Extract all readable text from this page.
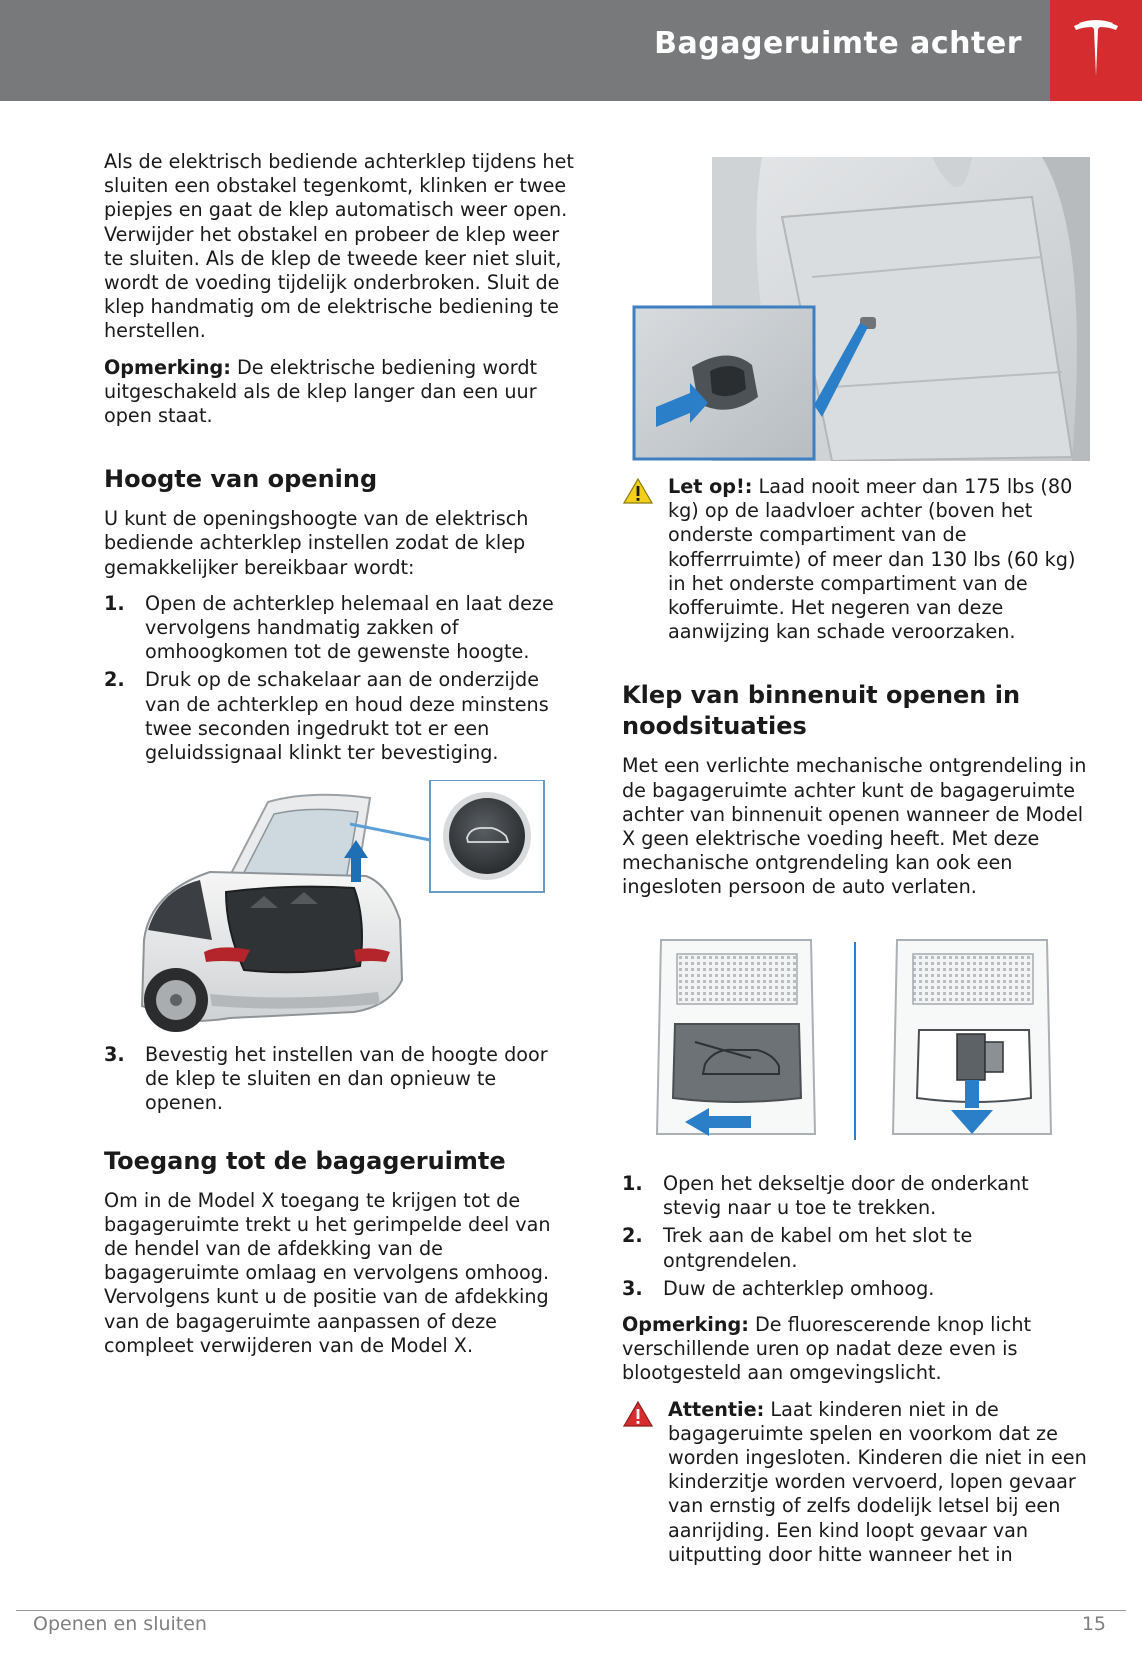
Bagageruimte achter

Als de elektrisch bediende achterklep tijdens het sluiten een obstakel tegenkomt, klinken er twee piepjes en gaat de klep automatisch weer open. Verwijder het obstakel en probeer de klep weer te sluiten. Als de klep de tweede keer niet sluit, wordt de voeding tijdelijk onderbroken. Sluit de klep handmatig om de elektrische bediening te herstellen.

Opmerking: De elektrische bediening wordt uitgeschakeld als de klep langer dan een uur open staat.

Hoogte van opening

U kunt de openingshoogte van de elektrisch bediende achterklep instellen zodat de klep gemakkelijker bereikbaar wordt:

1. Open de achterklep helemaal en laat deze vervolgens handmatig zakken of omhoogkomen tot de gewenste hoogte.
2. Druk op de schakelaar aan de onderzijde van de achterklep en houd deze minstens twee seconden ingedrukt tot er een geluidssignaal klinkt ter bevestiging.
3. Bevestig het instellen van de hoogte door de klep te sluiten en dan opnieuw te openen.
Toegang tot de bagageruimte

Om in de Model X toegang te krijgen tot de bagageruimte trekt u het gerimpelde deel van de hendel van de afdekking van de bagageruimte omlaag en vervolgens omhoog. Vervolgens kunt u de positie van de afdekking van de bagageruimte aanpassen of deze compleet verwijderen van de Model X.

Let op!: Laad nooit meer dan 175 lbs (80 kg) op de laadvloer achter (boven het onderste compartiment van de kofferrruimte) of meer dan 130 lbs (60 kg) in het onderste compartiment van de kofferuimte. Het negeren van deze aanwijzing kan schade veroorzaken.
Klep van binnenuit openen in noodsituaties

Met een verlichte mechanische ontgrendeling in de bagageruimte achter kunt de bagageruimte achter van binnenuit openen wanneer de Model X geen elektrische voeding heeft. Met deze mechanische ontgrendeling kan ook een ingesloten persoon de auto verlaten.

1. Open het dekseltje door de onderkant stevig naar u toe te trekken.
2. Trek aan de kabel om het slot te ontgrendelen.
3. Duw de achterklep omhoog.

Opmerking: De fluorescerende knop licht verschillende uren op nadat deze even is blootgesteld aan omgevingslicht.

Attentie: Laat kinderen niet in de bagageruimte spelen en voorkom dat ze worden ingesloten. Kinderen die niet in een kinderzitje worden vervoerd, lopen gevaar van ernstig of zelfs dodelijk letsel bij een aanrijding. Een kind loopt gevaar van uitputting door hitte wanneer het in
Openen en sluiten	15
